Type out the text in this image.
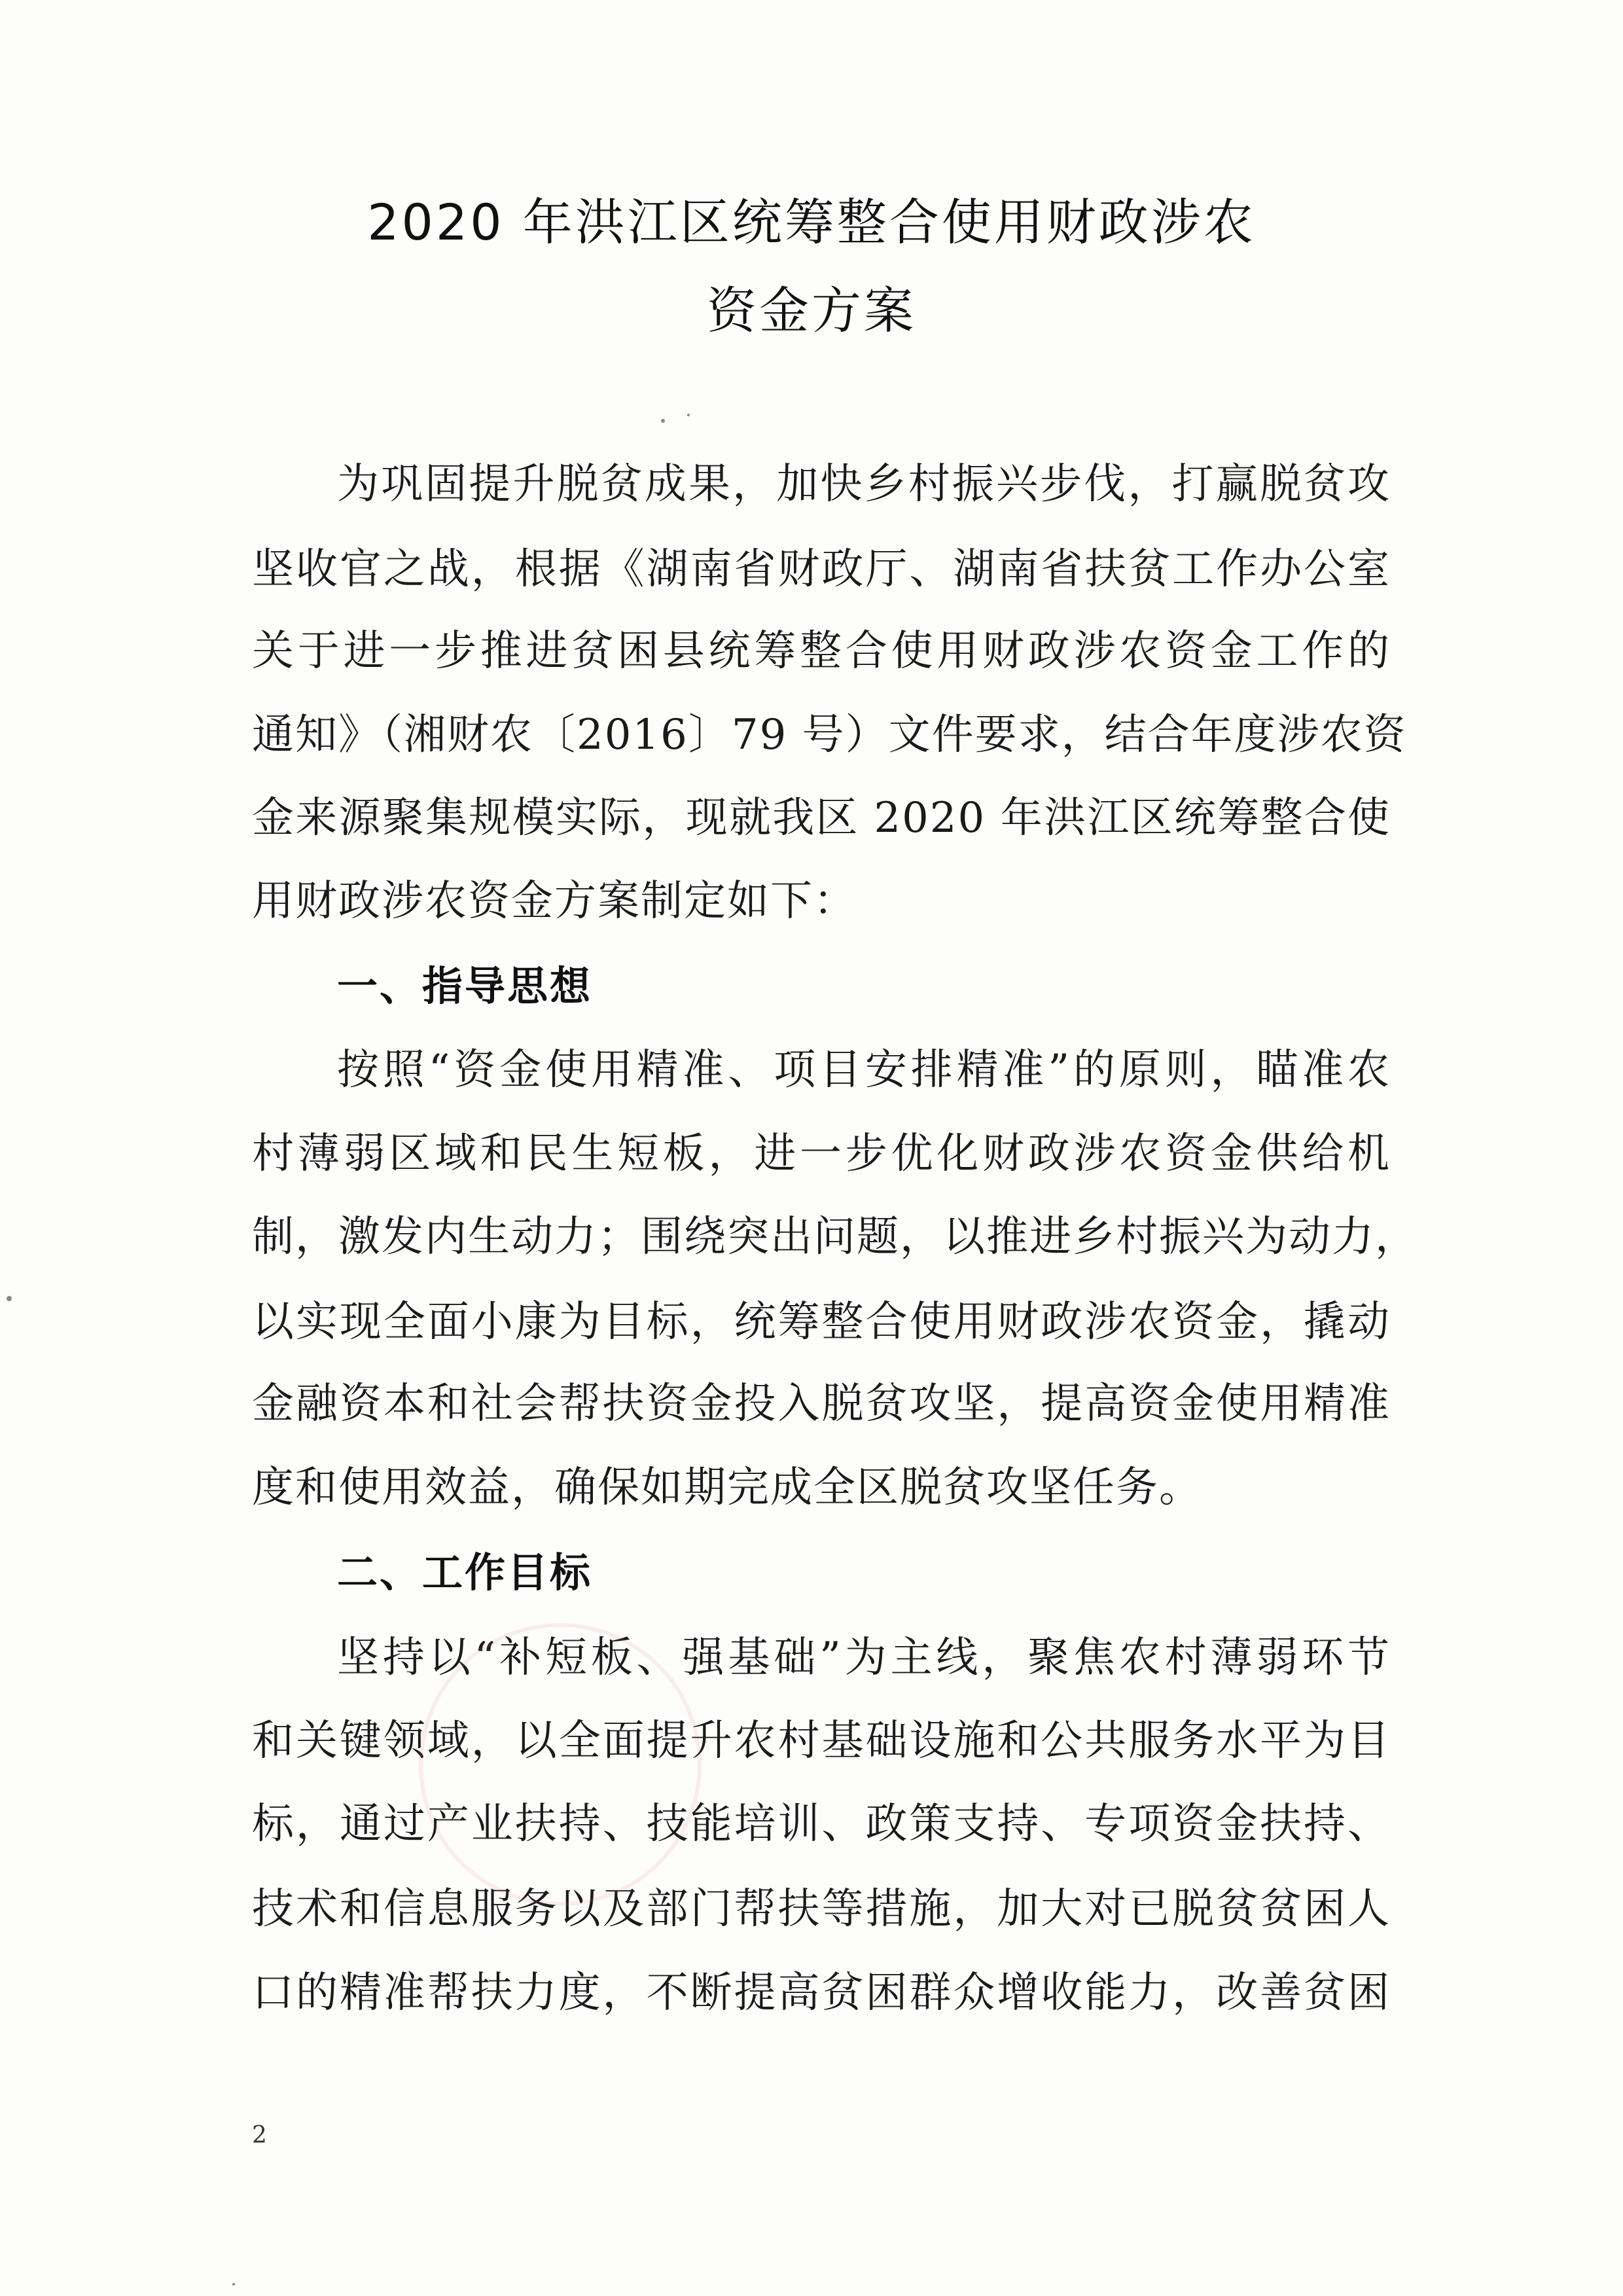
2020 年洪江区统筹整合使用财政涉农
资金方案
为巩固提升脱贫成果，加快乡村振兴步伐，打赢脱贫攻
坚收官之战，根据《湖南省财政厅、湖南省扶贫工作办公室
关于进一步推进贫困县统筹整合使用财政涉农资金工作的
通知》（湘财农〔2016〕79 号）文件要求，结合年度涉农资
金来源聚集规模实际，现就我区 2020 年洪江区统筹整合使
用财政涉农资金方案制定如下：
一、指导思想
按照“资金使用精准、项目安排精准”的原则，瞄准农
村薄弱区域和民生短板，进一步优化财政涉农资金供给机
制，激发内生动力；围绕突出问题，以推进乡村振兴为动力，
以实现全面小康为目标，统筹整合使用财政涉农资金，撬动
金融资本和社会帮扶资金投入脱贫攻坚，提高资金使用精准
度和使用效益，确保如期完成全区脱贫攻坚任务。
二、工作目标
坚持以“补短板、强基础”为主线，聚焦农村薄弱环节
和关键领域，以全面提升农村基础设施和公共服务水平为目
标，通过产业扶持、技能培训、政策支持、专项资金扶持、
技术和信息服务以及部门帮扶等措施，加大对已脱贫贫困人
口的精准帮扶力度，不断提高贫困群众增收能力，改善贫困
2
